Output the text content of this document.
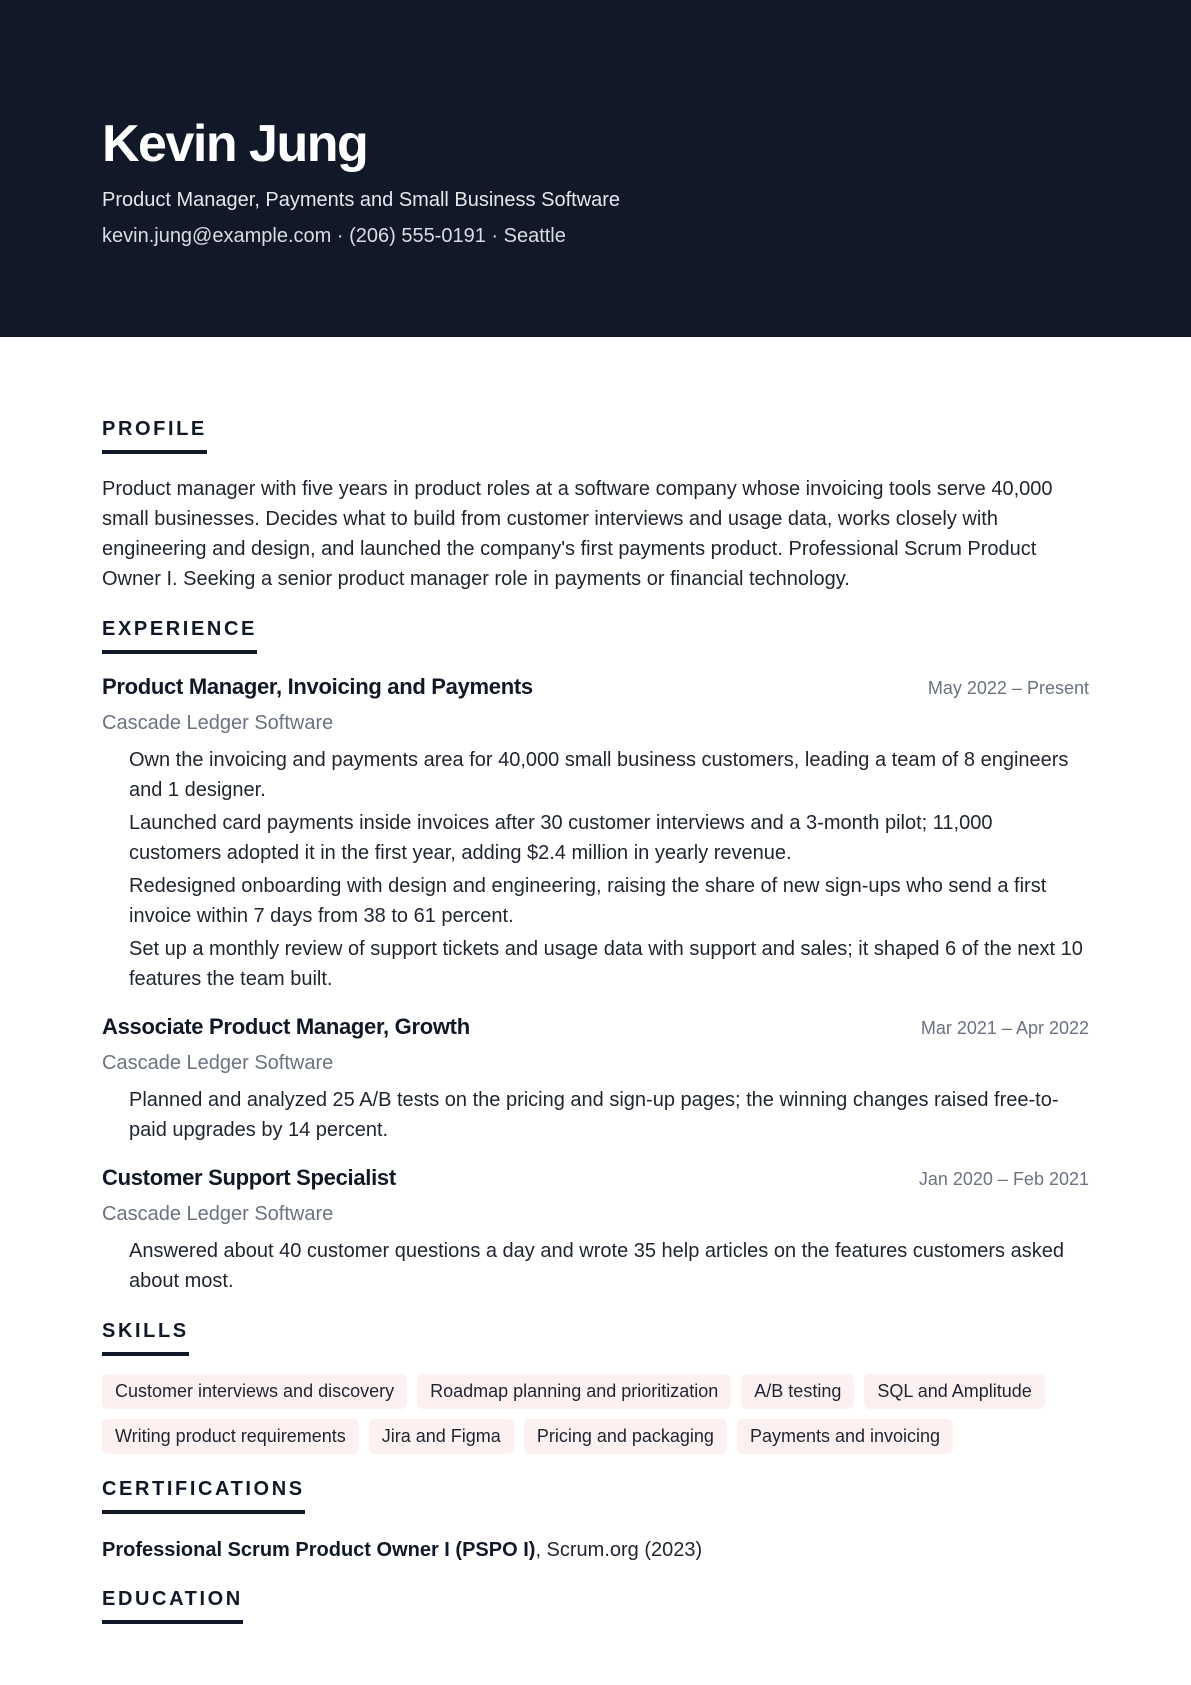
Kevin Jung
Product Manager, Payments and Small Business Software
kevin.jung@example.com · (206) 555-0191 · Seattle
PROFILE

Product manager with five years in product roles at a software company whose invoicing tools serve 40,000 small businesses. Decides what to build from customer interviews and usage data, works closely with engineering and design, and launched the company's first payments product. Professional Scrum Product Owner I. Seeking a senior product manager role in payments or financial technology.

EXPERIENCE
Product Manager, Invoicing and Payments	May 2022 – Present
Cascade Ledger Software
Own the invoicing and payments area for 40,000 small business customers, leading a team of 8 engineers and 1 designer.
Launched card payments inside invoices after 30 customer interviews and a 3-month pilot; 11,000 customers adopted it in the first year, adding $2.4 million in yearly revenue.
Redesigned onboarding with design and engineering, raising the share of new sign-ups who send a first invoice within 7 days from 38 to 61 percent.
Set up a monthly review of support tickets and usage data with support and sales; it shaped 6 of the next 10 features the team built.
Associate Product Manager, Growth	Mar 2021 – Apr 2022
Cascade Ledger Software
Planned and analyzed 25 A/B tests on the pricing and sign-up pages; the winning changes raised free-to-paid upgrades by 14 percent.
Customer Support Specialist	Jan 2020 – Feb 2021
Cascade Ledger Software
Answered about 40 customer questions a day and wrote 35 help articles on the features customers asked about most.
SKILLS
Customer interviews and discovery	Roadmap planning and prioritization	A/B testing	SQL and Amplitude
Writing product requirements	Jira and Figma	Pricing and packaging	Payments and invoicing
CERTIFICATIONS

Professional Scrum Product Owner I (PSPO I), Scrum.org (2023)

EDUCATION
